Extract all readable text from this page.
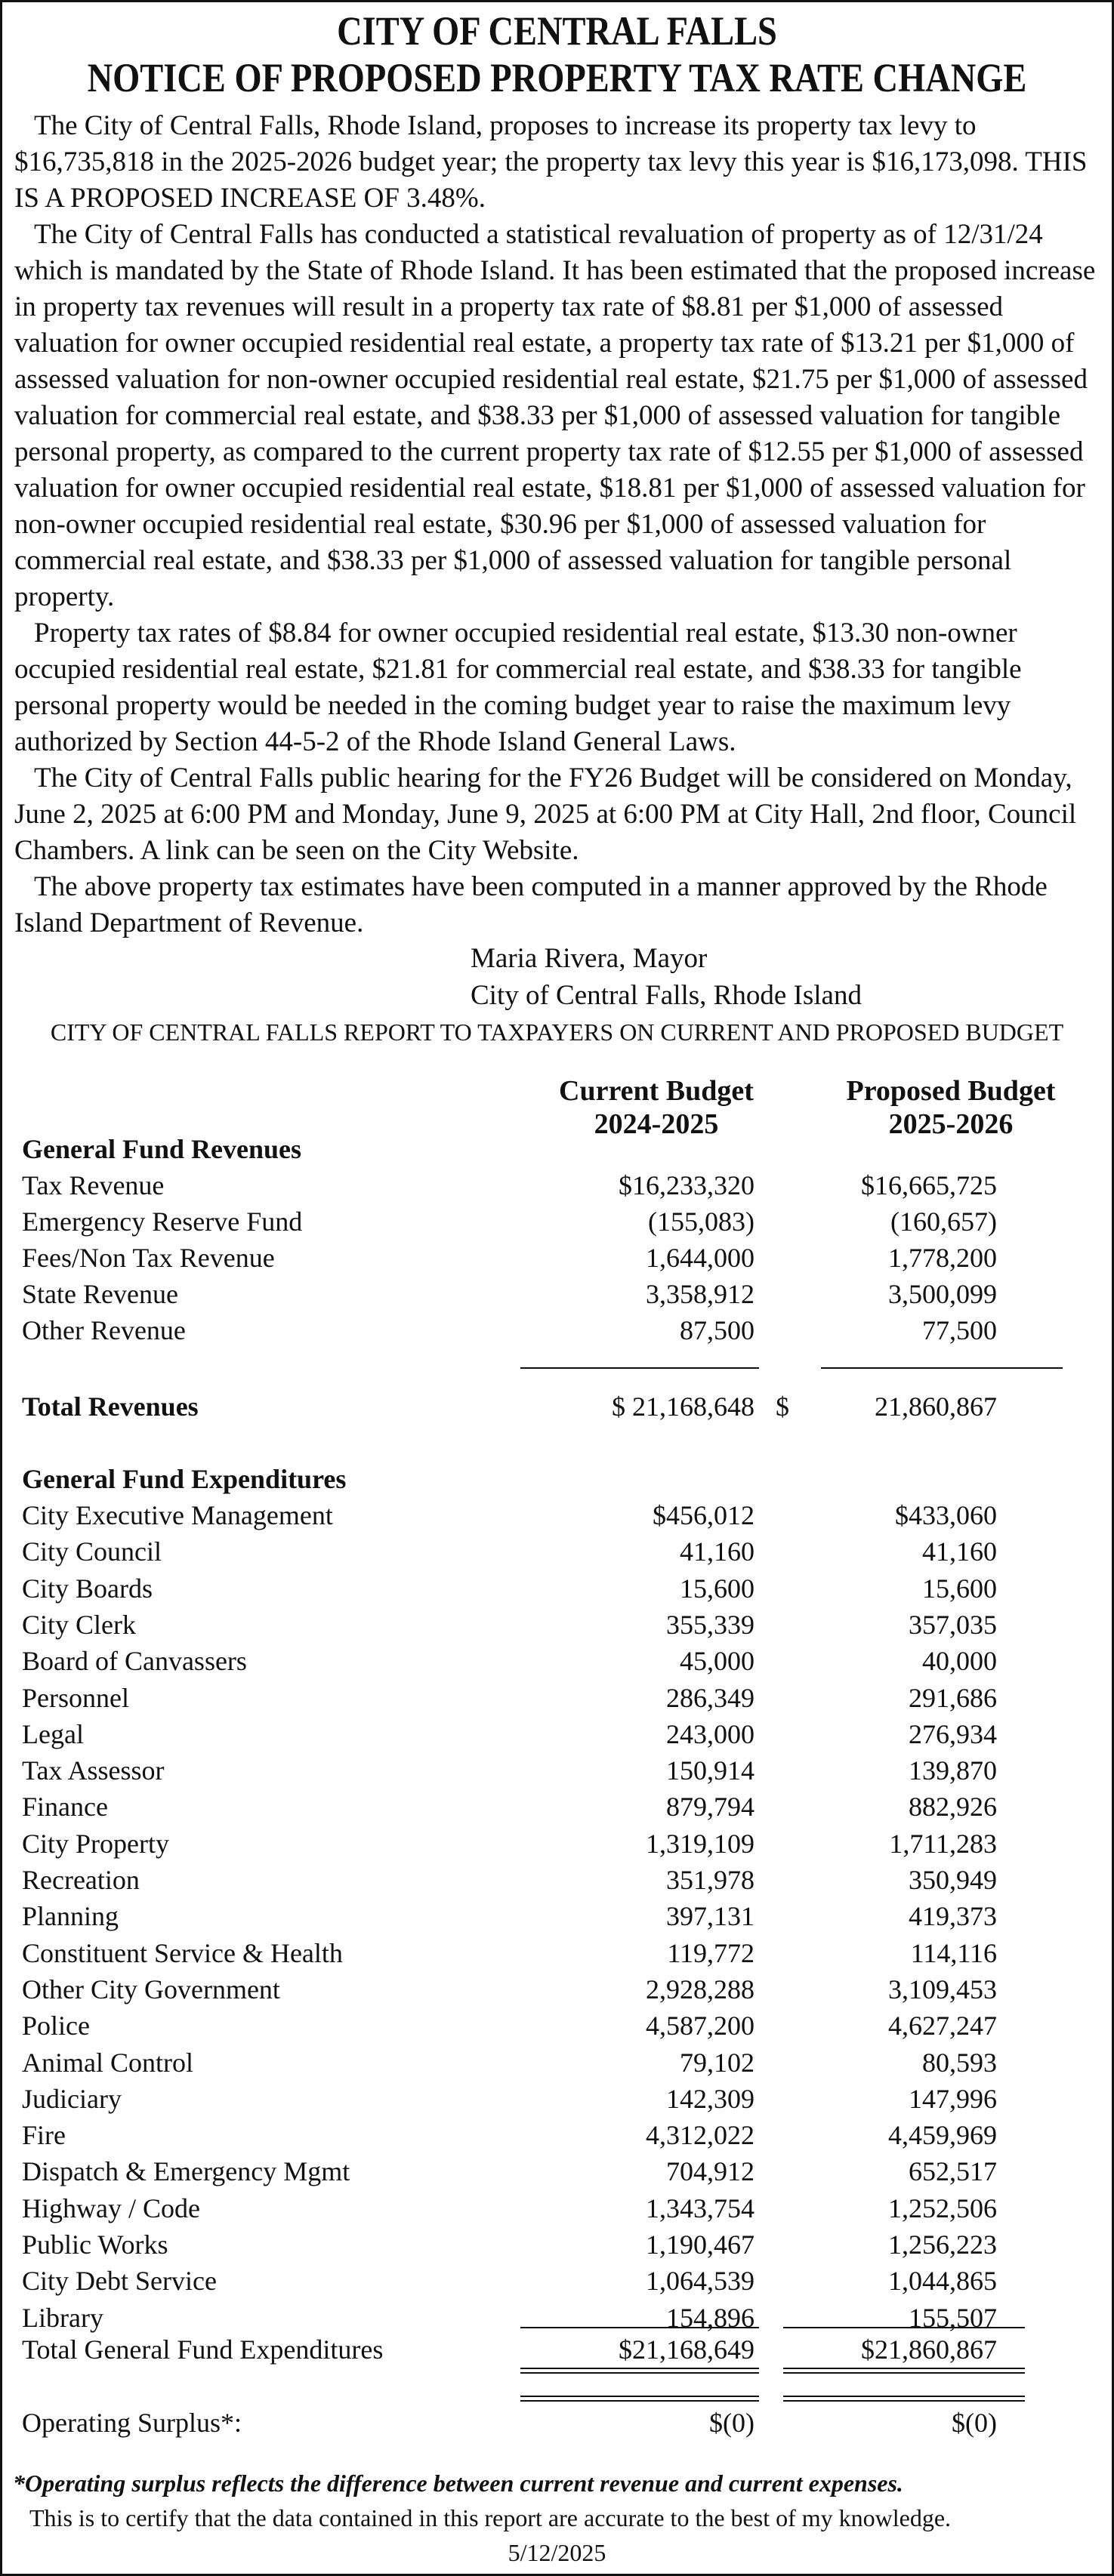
CITY OF CENTRAL FALLS
NOTICE OF PROPOSED PROPERTY TAX RATE CHANGE

The City of Central Falls, Rhode Island, proposes to increase its property tax levy to $16,735,818 in the 2025-2026 budget year; the property tax levy this year is $16,173,098. THIS IS A PROPOSED INCREASE OF 3.48%.

The City of Central Falls has conducted a statistical revaluation of property as of 12/31/24 which is mandated by the State of Rhode Island. It has been estimated that the proposed increase in property tax revenues will result in a property tax rate of $8.81 per $1,000 of assessed valuation for owner occupied residential real estate, a property tax rate of $13.21 per $1,000 of assessed valuation for non-owner occupied residential real estate, $21.75 per $1,000 of assessed valuation for commercial real estate, and $38.33 per $1,000 of assessed valuation for tangible personal property, as compared to the current property tax rate of $12.55 per $1,000 of assessed valuation for owner occupied residential real estate, $18.81 per $1,000 of assessed valuation for non-owner occupied residential real estate, $30.96 per $1,000 of assessed valuation for commercial real estate, and $38.33 per $1,000 of assessed valuation for tangible personal property.

Property tax rates of $8.84 for owner occupied residential real estate, $13.30 non-owner occupied residential real estate, $21.81 for commercial real estate, and $38.33 for tangible personal property would be needed in the coming budget year to raise the maximum levy authorized by Section 44-5-2 of the Rhode Island General Laws.

The City of Central Falls public hearing for the FY26 Budget will be considered on Monday, June 2, 2025 at 6:00 PM and Monday, June 9, 2025 at 6:00 PM at City Hall, 2nd floor, Council Chambers. A link can be seen on the City Website.

The above property tax estimates have been computed in a manner approved by the Rhode Island Department of Revenue.

Maria Rivera, Mayor
City of Central Falls, Rhode Island
CITY OF CENTRAL FALLS REPORT TO TAXPAYERS ON CURRENT AND PROPOSED BUDGET
Current Budget
2024-2025
Proposed Budget
2025-2026
General Fund Revenues
Tax Revenue	$16,233,320	$16,665,725
Emergency Reserve Fund	(155,083)	(160,657)
Fees/Non Tax Revenue	1,644,000	1,778,200
State Revenue	3,358,912	3,500,099
Other Revenue	87,500	77,500
Total Revenues	$ 21,168,648 $	21,860,867
General Fund Expenditures
City Executive Management	$456,012	$433,060
City Council	41,160	41,160
City Boards	15,600	15,600
City Clerk	355,339	357,035
Board of Canvassers	45,000	40,000
Personnel	286,349	291,686
Legal	243,000	276,934
Tax Assessor	150,914	139,870
Finance	879,794	882,926
City Property	1,319,109	1,711,283
Recreation	351,978	350,949
Planning	397,131	419,373
Constituent Service & Health	119,772	114,116
Other City Government	2,928,288	3,109,453
Police	4,587,200	4,627,247
Animal Control	79,102	80,593
Judiciary	142,309	147,996
Fire	4,312,022	4,459,969
Dispatch & Emergency Mgmt	704,912	652,517
Highway / Code	1,343,754	1,252,506
Public Works	1,190,467	1,256,223
City Debt Service	1,064,539	1,044,865
Library	154,896	155,507
Total General Fund Expenditures	$21,168,649	$21,860,867
Operating Surplus*:	$(0)	$(0)
*Operating surplus reflects the difference between current revenue and current expenses.
This is to certify that the data contained in this report are accurate to the best of my knowledge.
5/12/2025
